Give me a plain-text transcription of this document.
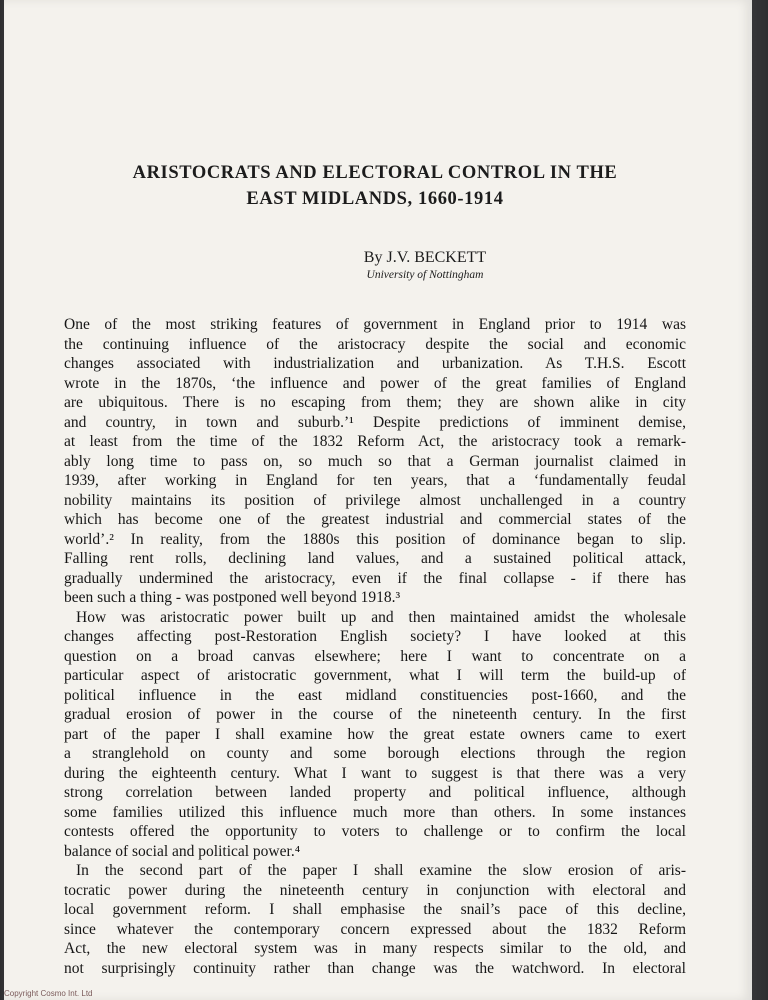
ARISTOCRATS AND ELECTORAL CONTROL IN THE
EAST MIDLANDS, 1660-1914
By J.V. BECKETT
University of Nottingham
One of the most striking features of government in England prior to 1914 was
the continuing influence of the aristocracy despite the social and economic
changes associated with industrialization and urbanization. As T.H.S. Escott
wrote in the 1870s, ‘the influence and power of the great families of England
are ubiquitous. There is no escaping from them; they are shown alike in city
and country, in town and suburb.’¹ Despite predictions of imminent demise,
at least from the time of the 1832 Reform Act, the aristocracy took a remark-
ably long time to pass on, so much so that a German journalist claimed in
1939, after working in England for ten years, that a ‘fundamentally feudal
nobility maintains its position of privilege almost unchallenged in a country
which has become one of the greatest industrial and commercial states of the
world’.² In reality, from the 1880s this position of dominance began to slip.
Falling rent rolls, declining land values, and a sustained political attack,
gradually undermined the aristocracy, even if the final collapse - if there has
been such a thing - was postponed well beyond 1918.³
How was aristocratic power built up and then maintained amidst the wholesale
changes affecting post-Restoration English society? I have looked at this
question on a broad canvas elsewhere; here I want to concentrate on a
particular aspect of aristocratic government, what I will term the build-up of
political influence in the east midland constituencies post-1660, and the
gradual erosion of power in the course of the nineteenth century. In the first
part of the paper I shall examine how the great estate owners came to exert
a stranglehold on county and some borough elections through the region
during the eighteenth century. What I want to suggest is that there was a very
strong correlation between landed property and political influence, although
some families utilized this influence much more than others. In some instances
contests offered the opportunity to voters to challenge or to confirm the local
balance of social and political power.⁴
In the second part of the paper I shall examine the slow erosion of aris-
tocratic power during the nineteenth century in conjunction with electoral and
local government reform. I shall emphasise the snail’s pace of this decline,
since whatever the contemporary concern expressed about the 1832 Reform
Act, the new electoral system was in many respects similar to the old, and
not surprisingly continuity rather than change was the watchword. In electoral
Copyright Cosmo Int. Ltd
